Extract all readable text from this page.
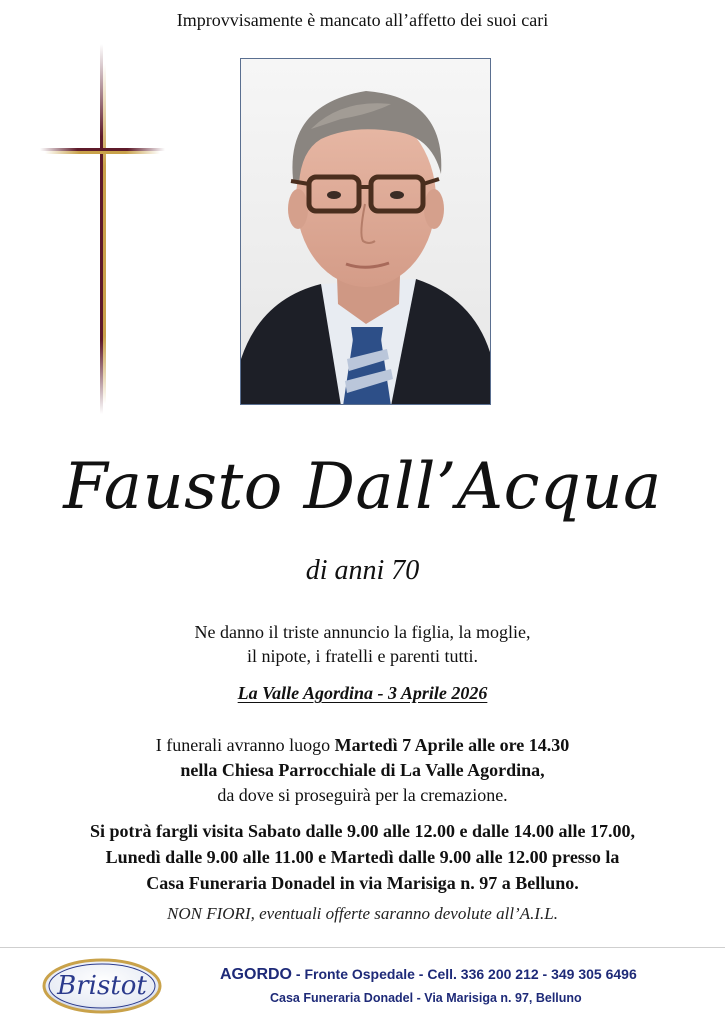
Improvvisamente è mancato all’affetto dei suoi cari
Fausto Dall’Acqua
di anni 70
Ne danno il triste annuncio la figlia, la moglie,
il nipote, i fratelli e parenti tutti.
La Valle Agordina - 3 Aprile 2026
I funerali avranno luogo Martedì 7 Aprile alle ore 14.30
nella Chiesa Parrocchiale di La Valle Agordina,
da dove si proseguirà per la cremazione.
Si potrà fargli visita Sabato dalle 9.00 alle 12.00 e dalle 14.00 alle 17.00,
Lunedì dalle 9.00 alle 11.00 e Martedì dalle 9.00 alle 12.00 presso la
Casa Funeraria Donadel in via Marisiga n. 97 a Belluno.
NON FIORI, eventuali offerte saranno devolute all’A.I.L.
Bristot	AGORDO - Fronte Ospedale - Cell. 336 200 212 - 349 305 6496
Casa Funeraria Donadel - Via Marisiga n. 97, Belluno
